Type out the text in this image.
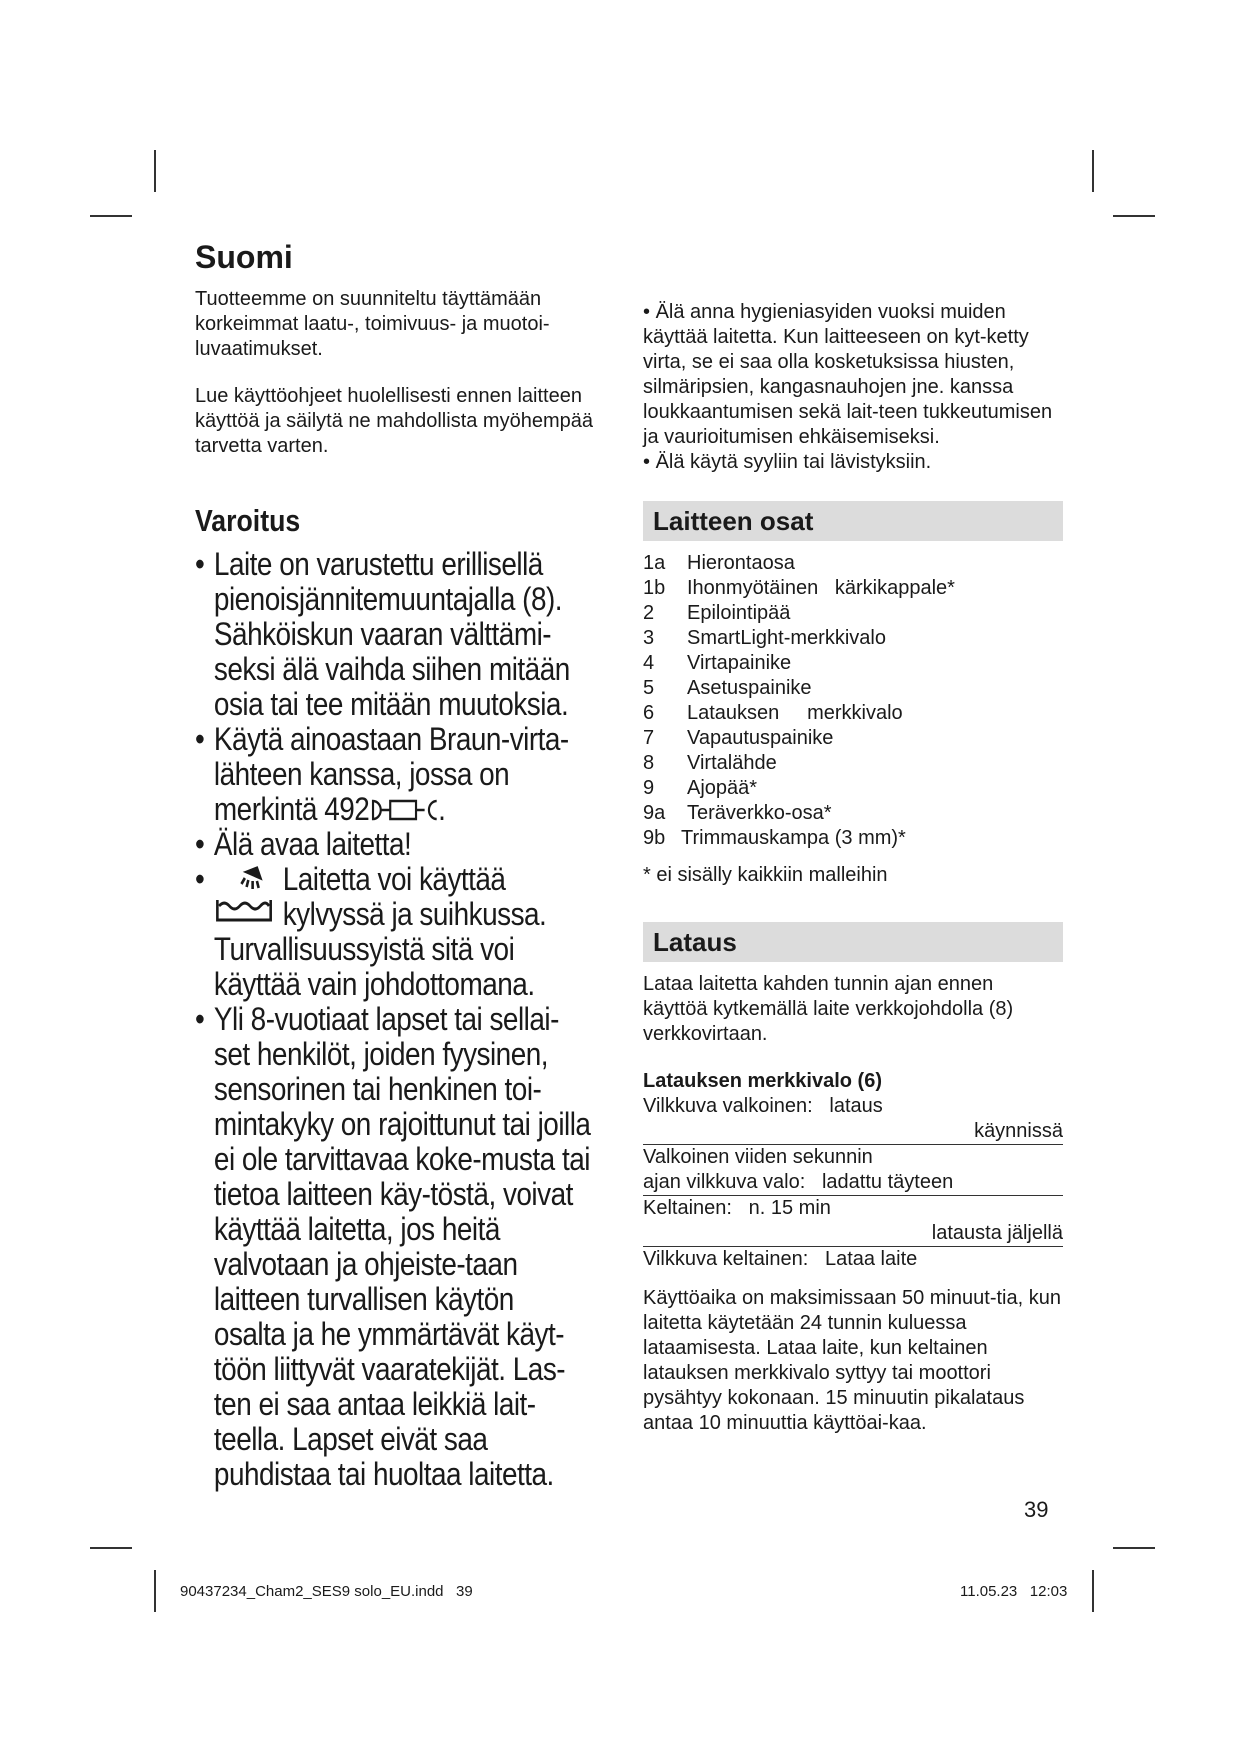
Suomi
Tuotteemme on suunniteltu täyttämään korkeimmat laatu-, toimivuus- ja muotoi-luvaatimukset.
Lue käyttöohjeet huolellisesti ennen laitteen käyttöä ja säilytä ne mahdollista myöhempää tarvetta varten.
Varoitus
• Laite on varustettu erillisellä pienoisjännitemuuntajalla (8). Sähköiskun vaaran välttämi-seksi älä vaihda siihen mitään osia tai tee mitään muutoksia.
• Käytä ainoastaan Braun-virta-lähteen kanssa, jossa on merkintä 492 .
• Älä avaa laitetta!
• Laitetta voi käyttää
kylvyssä ja suihkussa.
Turvallisuussyistä sitä voi käyttää vain johdottomana.
• Yli 8-vuotiaat lapset tai sellai-set henkilöt, joiden fyysinen, sensorinen tai henkinen toi-mintakyky on rajoittunut tai joilla ei ole tarvittavaa koke-musta tai tietoa laitteen käy-töstä, voivat käyttää laitetta, jos heitä valvotaan ja ohjeiste-taan laitteen turvallisen käytön osalta ja he ymmärtävät käyt-töön liittyvät vaaratekijät. Las-ten ei saa antaa leikkiä lait-teella. Lapset eivät saa puhdistaa tai huoltaa laitetta.
• Älä anna hygieniasyiden vuoksi muiden käyttää laitetta. Kun laitteeseen on kyt-ketty virta, se ei saa olla kosketuksissa hiusten, silmäripsien, kangasnauhojen jne. kanssa loukkaantumisen sekä lait-teen tukkeutumisen ja vaurioitumisen ehkäisemiseksi.
• Älä käytä syyliin tai lävistyksiin.
Laitteen osat
1a	Hierontaosa
1b	Ihonmyötäinen   kärkikappale*
2	Epilointipää
3	SmartLight-merkkivalo
4	Virtapainike
5	Asetuspainike
6	Latauksen     merkkivalo
7	Vapautuspainike
8	Virtalähde
9	Ajopää*
9a	Teräverkko-osa*
9b Trimmauskampa (3 mm)*
* ei sisälly kaikkiin malleihin
Lataus
Lataa laitetta kahden tunnin ajan ennen käyttöä kytkemällä laite verkkojohdolla (8) verkkovirtaan.
Latauksen merkkivalo (6)
Vilkkuva valkoinen:   lataus
käynnissä
Valkoinen viiden sekunnin
ajan vilkkuva valo:   ladattu täyteen
Keltainen:   n. 15 min
latausta jäljellä
Vilkkuva keltainen:   Lataa laite
Käyttöaika on maksimissaan 50 minuut-tia, kun laitetta käytetään 24 tunnin kuluessa lataamisesta. Lataa laite, kun keltainen latauksen merkkivalo syttyy tai moottori pysähtyy kokonaan. 15 minuutin pikalataus antaa 10 minuuttia käyttöai-kaa.
39
90437234_Cham2_SES9 solo_EU.indd   39	11.05.23   12:03
